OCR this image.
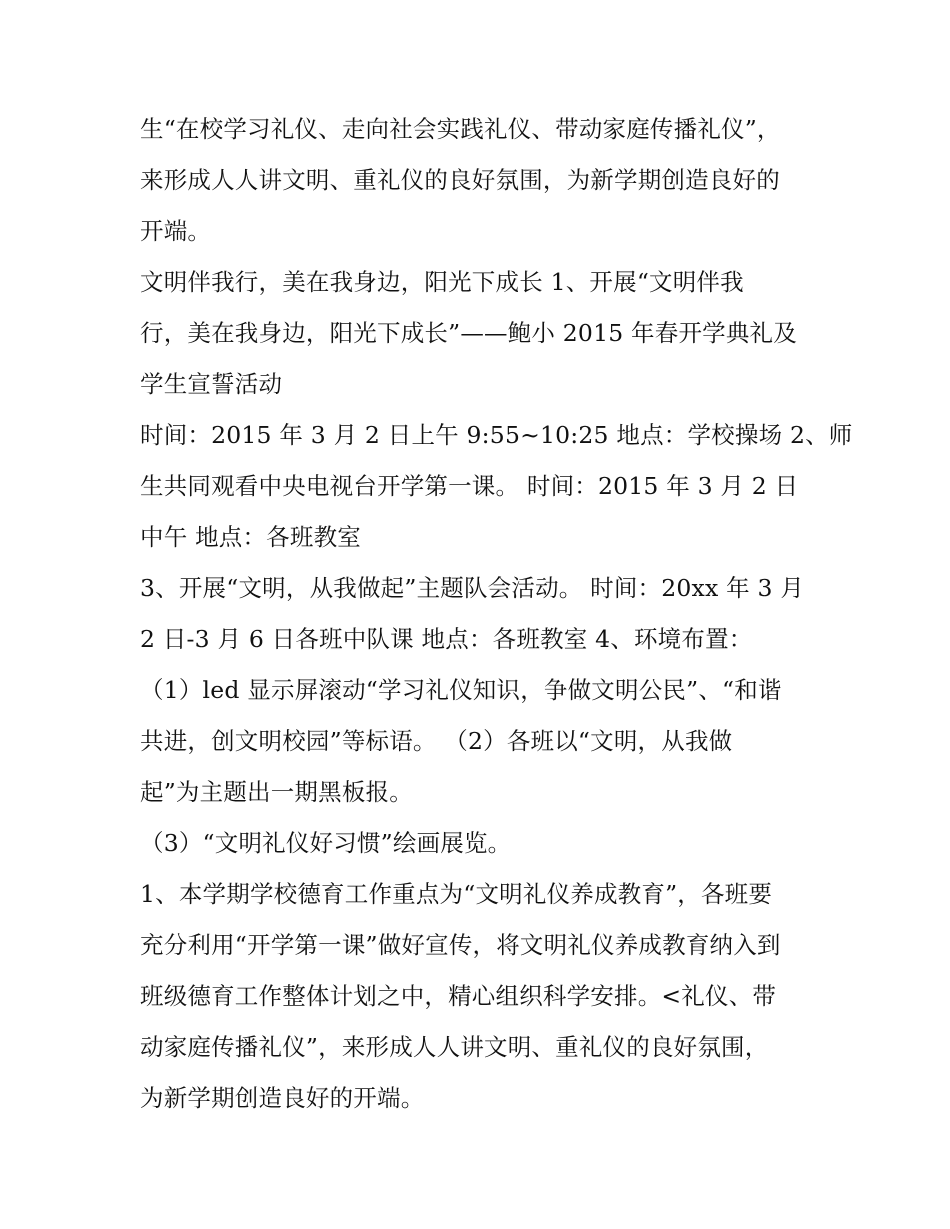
生“在校学习礼仪、走向社会实践礼仪、带动家庭传播礼仪”，
来形成人人讲文明、重礼仪的良好氛围，为新学期创造良好的
开端。
文明伴我行，美在我身边，阳光下成长 1、开展“文明伴我
行，美在我身边，阳光下成长”——鲍小 2015 年春开学典礼及
学生宣誓活动
时间：2015 年 3 月 2 日上午 9:55~10:25 地点：学校操场 2、师
生共同观看中央电视台开学第一课。 时间：2015 年 3 月 2 日
中午 地点：各班教室
3、开展“文明，从我做起”主题队会活动。 时间：20xx 年 3 月
2 日-3 月 6 日各班中队课 地点：各班教室 4、环境布置：
（1）led 显示屏滚动“学习礼仪知识，争做文明公民”、“和谐
共进，创文明校园”等标语。 （2）各班以“文明，从我做
起”为主题出一期黑板报。
（3）“文明礼仪好习惯”绘画展览。
1、本学期学校德育工作重点为“文明礼仪养成教育”，各班要
充分利用“开学第一课”做好宣传，将文明礼仪养成教育纳入到
班级德育工作整体计划之中，精心组织科学安排。<礼仪、带
动家庭传播礼仪”，来形成人人讲文明、重礼仪的良好氛围，
为新学期创造良好的开端。
